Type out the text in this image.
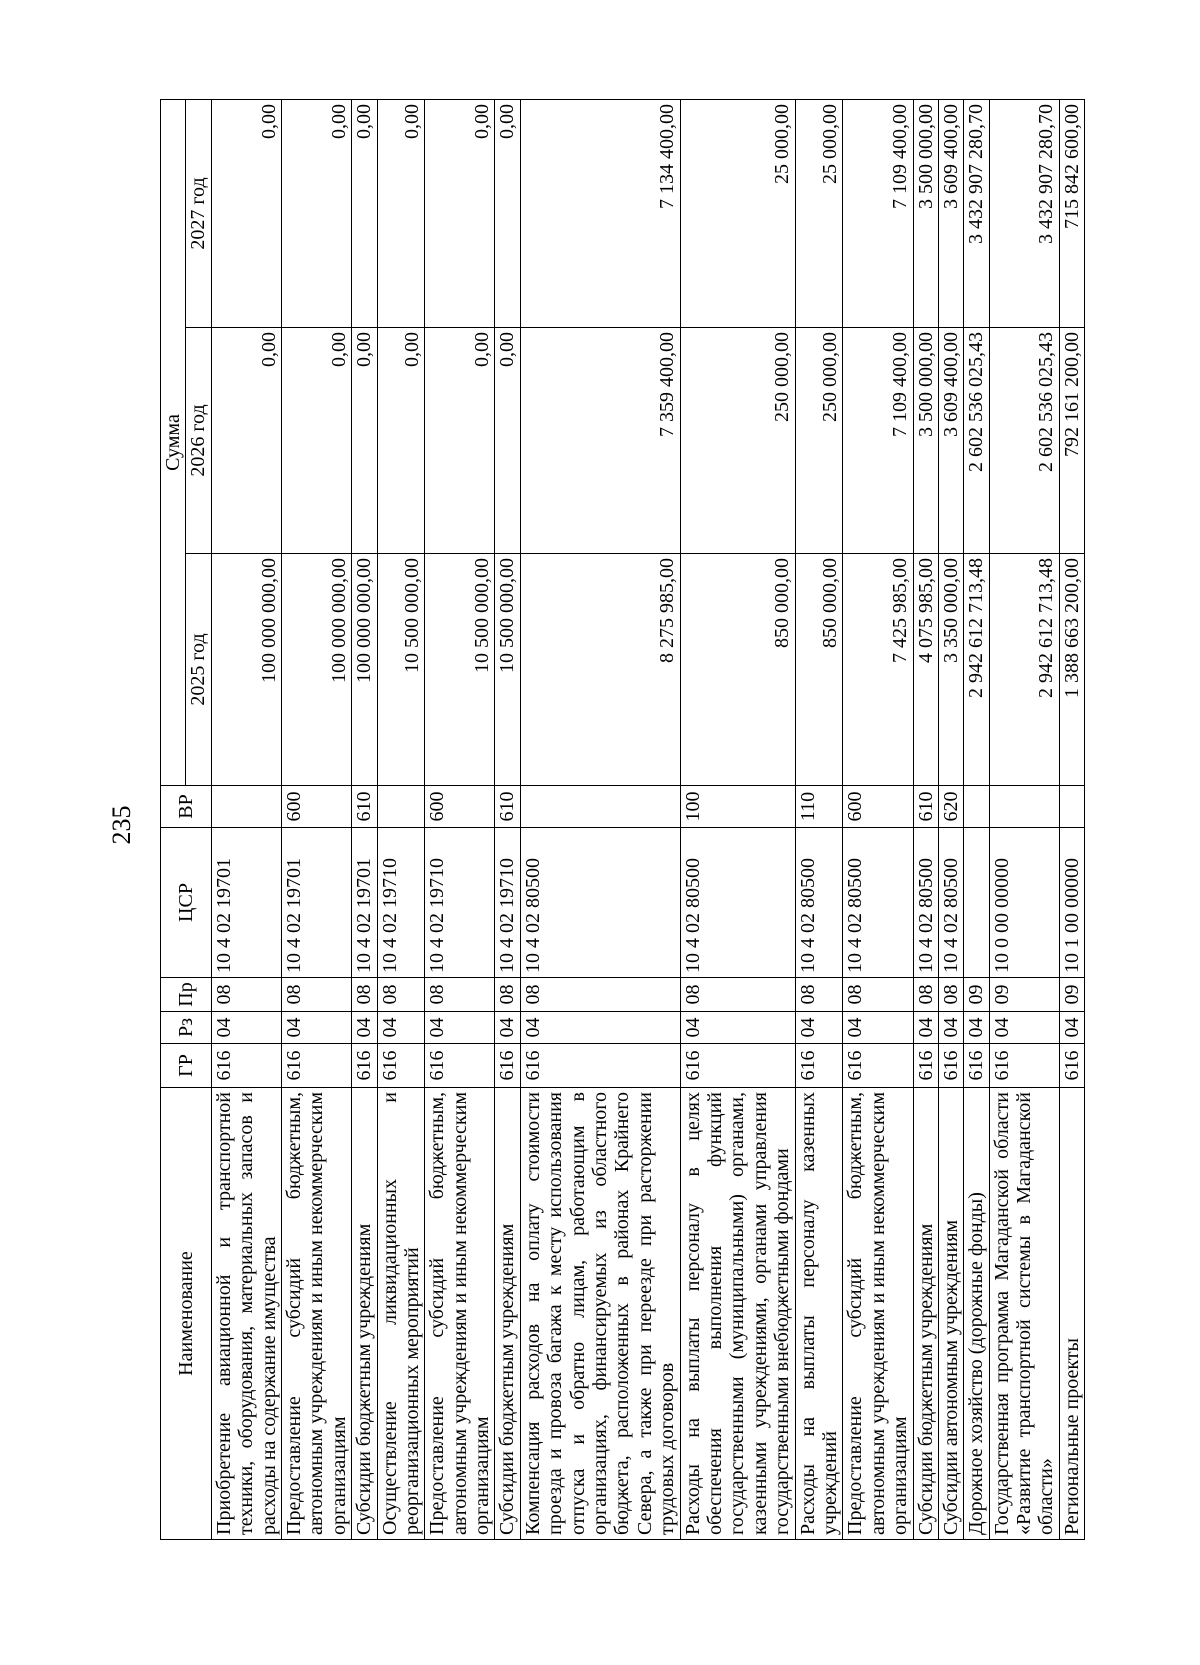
235
Наименование	ГР	Рз	Пр	ЦСР	ВР	Сумма		
						2025 год	2026 год	2027 год
Приобретение авиационной и транспортной техники, оборудования, материальных запасов и расходы на содержание имущества	616	04	08	10 4 02 19701		100 000 000,00	0,00	0,00
Предоставление субсидий бюджетным, автономным учреждениям и иным некоммерческим организациям	616	04	08	10 4 02 19701	600	100 000 000,00	0,00	0,00
Субсидии бюджетным учреждениям	616	04	08	10 4 02 19701	610	100 000 000,00	0,00	0,00
Осуществление ликвидационных и реорганизационных мероприятий	616	04	08	10 4 02 19710		10 500 000,00	0,00	0,00
Предоставление субсидий бюджетным, автономным учреждениям и иным некоммерческим организациям	616	04	08	10 4 02 19710	600	10 500 000,00	0,00	0,00
Субсидии бюджетным учреждениям	616	04	08	10 4 02 19710	610	10 500 000,00	0,00	0,00
Компенсация расходов на оплату стоимости проезда и провоза багажа к месту использования отпуска и обратно лицам, работающим в организациях, финансируемых из областного бюджета, расположенных в районах Крайнего Севера, а также при переезде при расторжении трудовых договоров	616	04	08	10 4 02 80500		8 275 985,00	7 359 400,00	7 134 400,00
Расходы на выплаты персоналу в целях обеспечения выполнения функций государственными (муниципальными) органами, казенными учреждениями, органами управления государственными внебюджетными фондами	616	04	08	10 4 02 80500	100	850 000,00	250 000,00	25 000,00
Расходы на выплаты персоналу казенных учреждений	616	04	08	10 4 02 80500	110	850 000,00	250 000,00	25 000,00
Предоставление субсидий бюджетным, автономным учреждениям и иным некоммерческим организациям	616	04	08	10 4 02 80500	600	7 425 985,00	7 109 400,00	7 109 400,00
Субсидии бюджетным учреждениям	616	04	08	10 4 02 80500	610	4 075 985,00	3 500 000,00	3 500 000,00
Субсидии автономным учреждениям	616	04	08	10 4 02 80500	620	3 350 000,00	3 609 400,00	3 609 400,00
Дорожное хозяйство (дорожные фонды)	616	04	09			2 942 612 713,48	2 602 536 025,43	3 432 907 280,70
Государственная программа Магаданской области «Развитие транспортной системы в Магаданской области»	616	04	09	10 0 00 00000		2 942 612 713,48	2 602 536 025,43	3 432 907 280,70
Региональные проекты	616	04	09	10 1 00 00000		1 388 663 200,00	792 161 200,00	715 842 600,00
